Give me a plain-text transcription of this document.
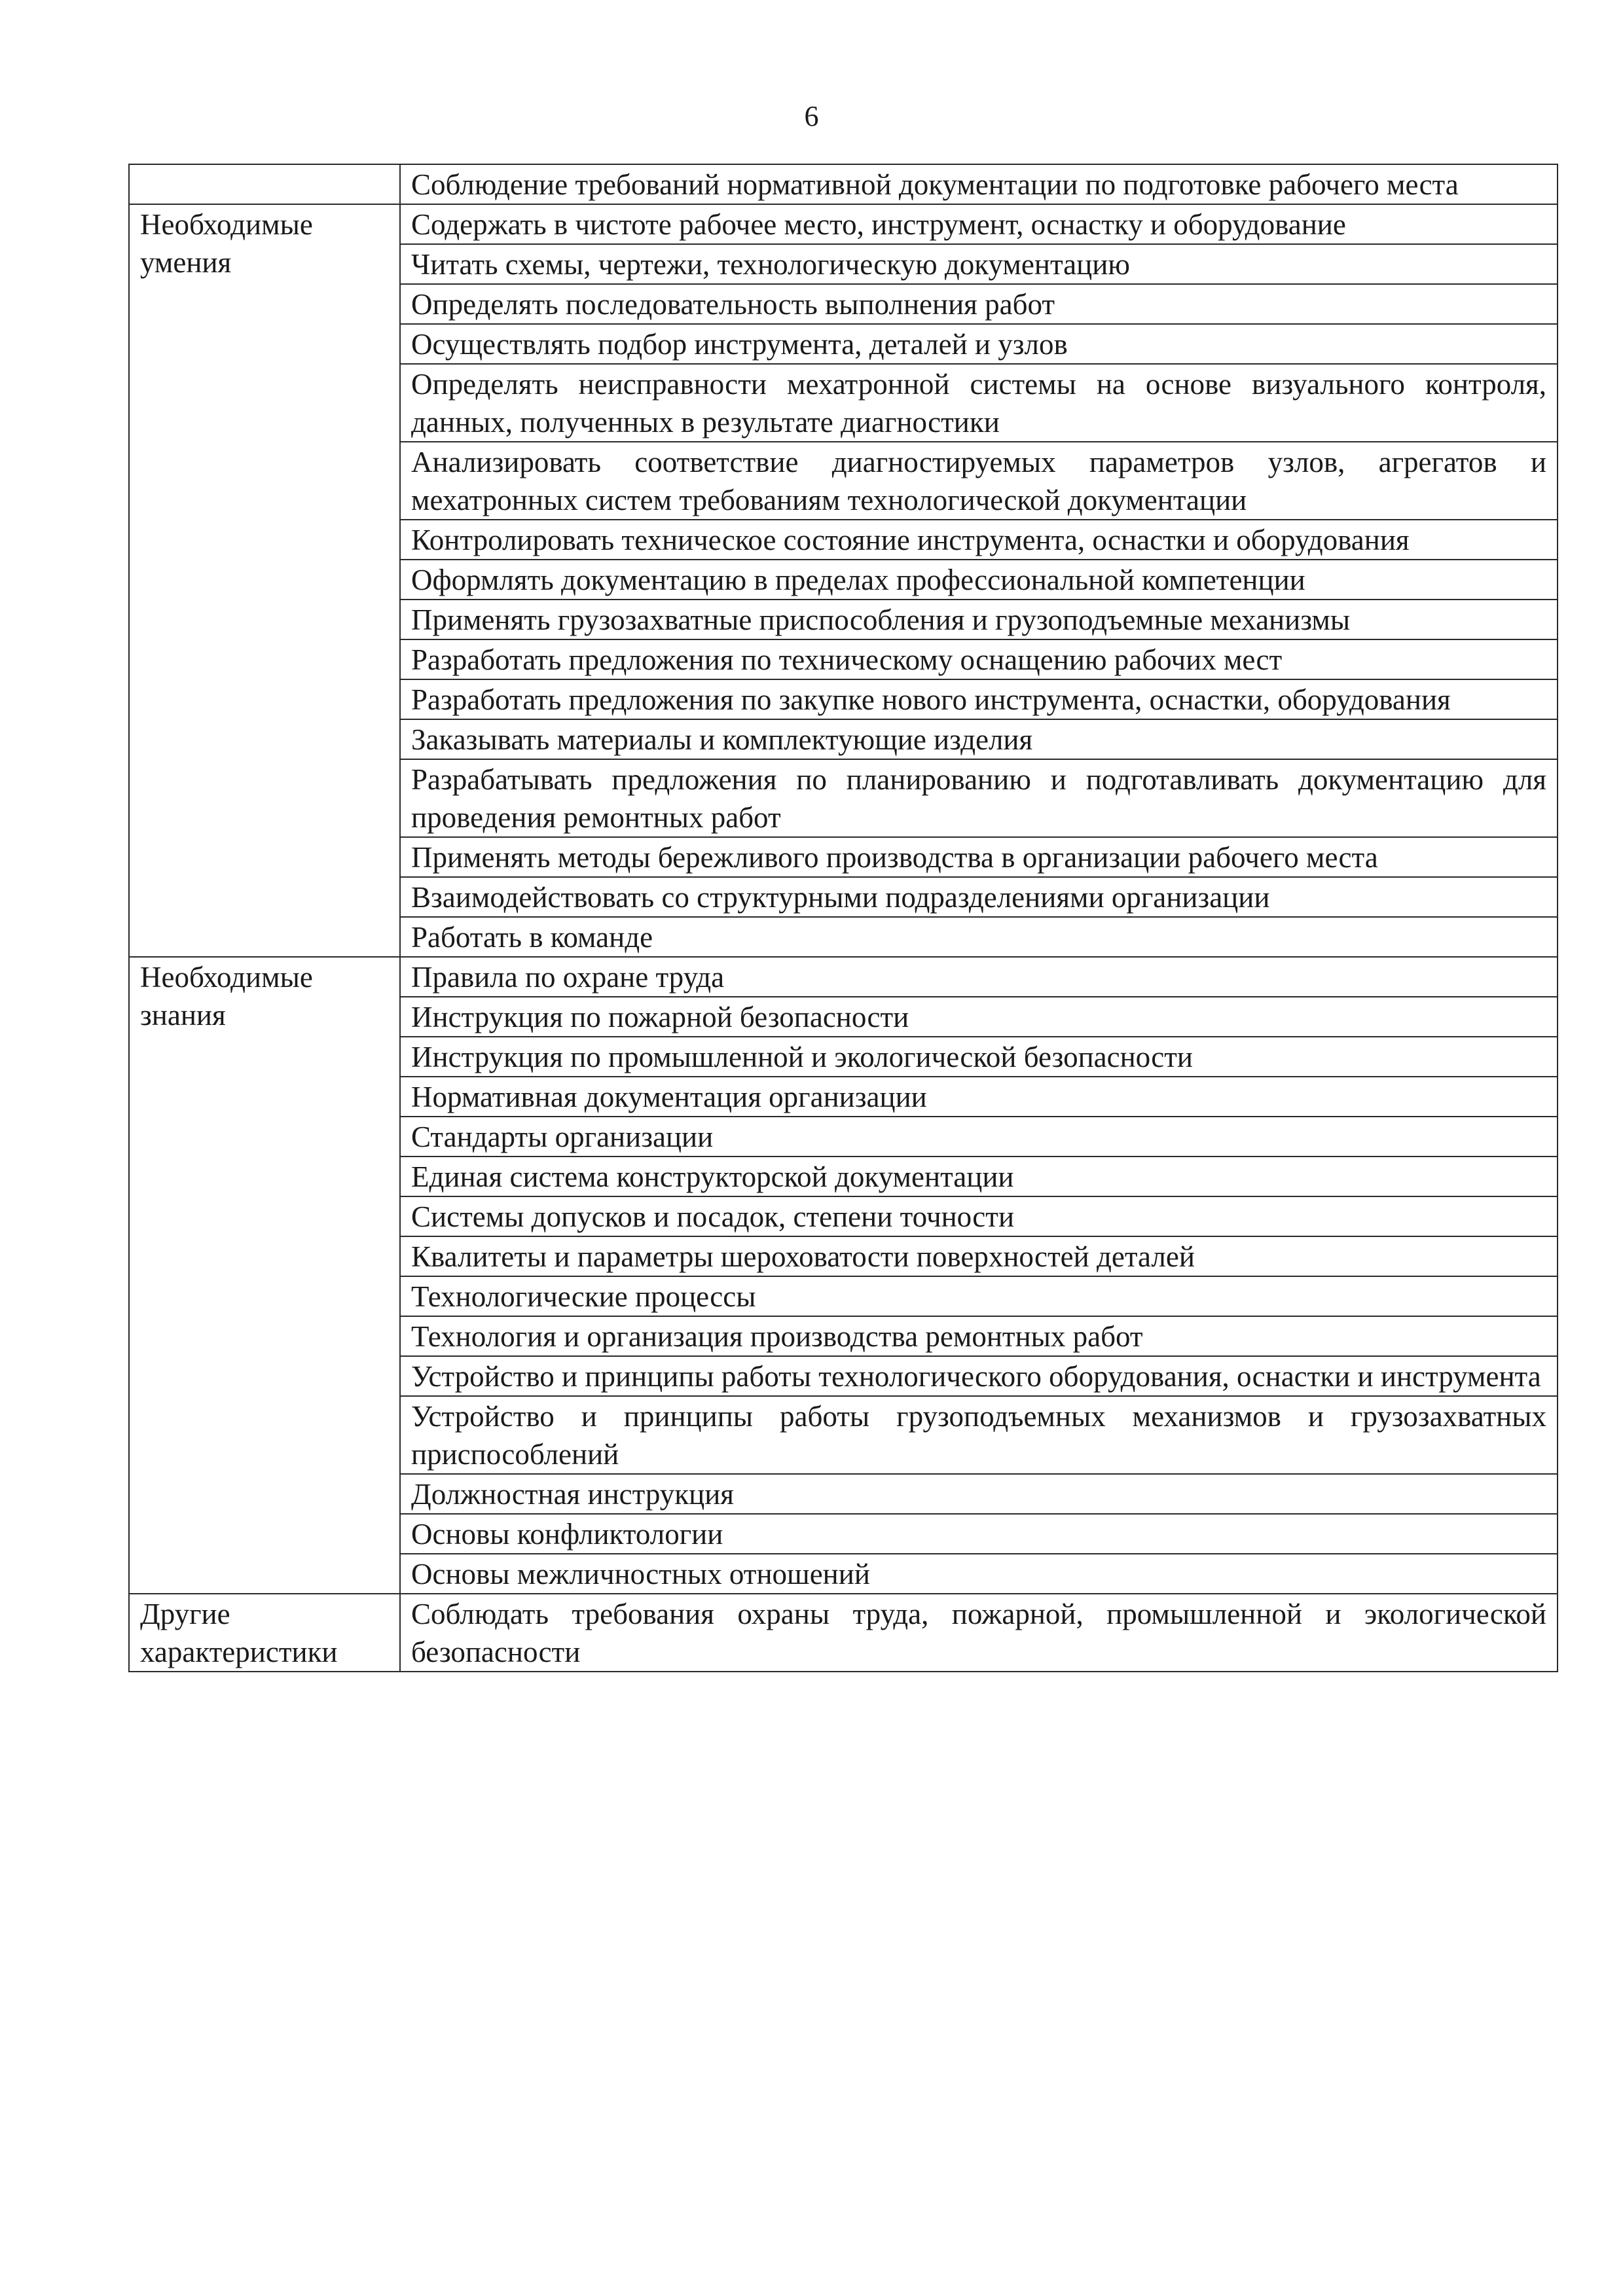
6
	Соблюдение требований нормативной документации по подготовке рабочего места

Необходимые
умения	Содержать в чистоте рабочее место, инструмент, оснастку и оборудование
	Читать схемы, чертежи, технологическую документацию
	Определять последовательность выполнения работ
	Осуществлять подбор инструмента, деталей и узлов
	Определять неисправности мехатронной системы на основе визуального контроля, данных, полученных в результате диагностики
	Анализировать соответствие диагностируемых параметров узлов, агрегатов и мехатронных систем требованиям технологической документации
	Контролировать техническое состояние инструмента, оснастки и оборудования
	Оформлять документацию в пределах профессиональной компетенции
	Применять грузозахватные приспособления и грузоподъемные механизмы
	Разработать предложения по техническому оснащению рабочих мест
	Разработать предложения по закупке нового инструмента, оснастки, оборудования
	Заказывать материалы и комплектующие изделия
	Разрабатывать предложения по планированию и подготавливать документацию для проведения ремонтных работ
	Применять методы бережливого производства в организации рабочего места
	Взаимодействовать со структурными подразделениями организации
	Работать в команде

Необходимые
знания	Правила по охране труда
	Инструкция по пожарной безопасности
	Инструкция по промышленной и экологической безопасности
	Нормативная документация организации
	Стандарты организации
	Единая система конструкторской документации
	Системы допусков и посадок, степени точности
	Квалитеты и параметры шероховатости поверхностей деталей
	Технологические процессы
	Технология и организация производства ремонтных работ
	Устройство и принципы работы технологического оборудования, оснастки и инструмента
	Устройство и принципы работы грузоподъемных механизмов и грузозахватных приспособлений
	Должностная инструкция
	Основы конфликтологии
	Основы межличностных отношений

Другие
характеристики	Соблюдать требования охраны труда, пожарной, промышленной и экологической безопасности
